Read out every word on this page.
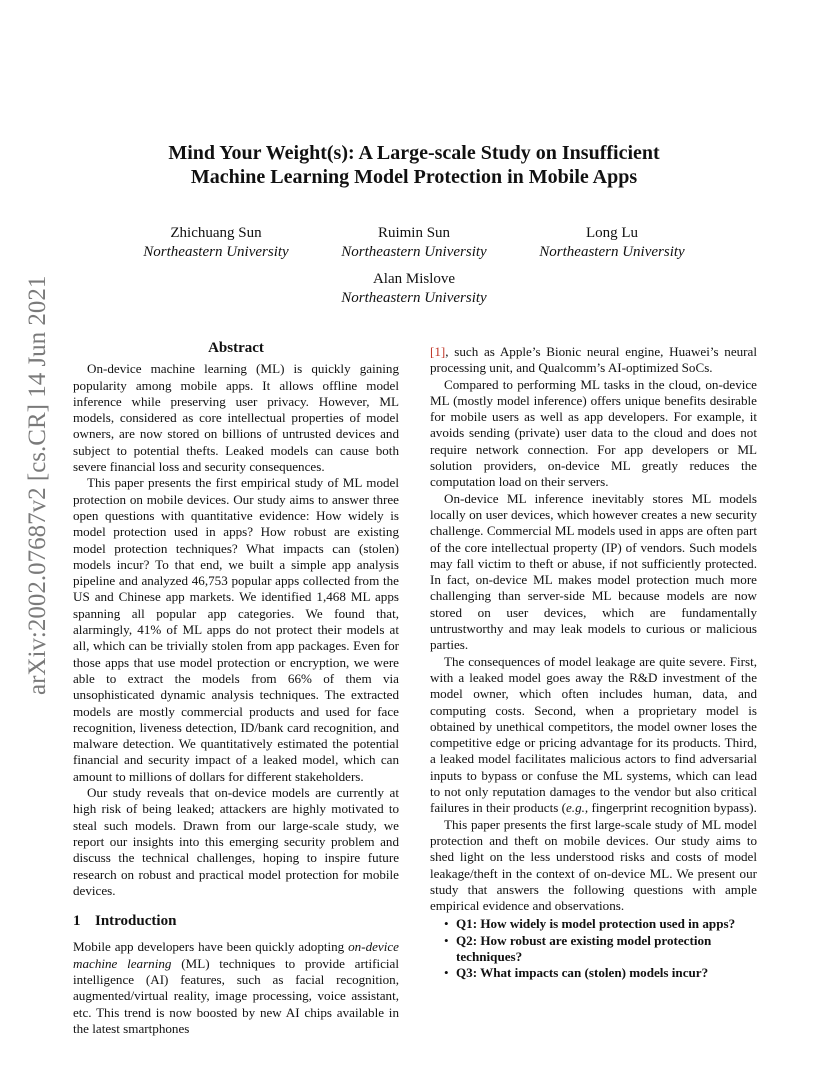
arXiv:2002.07687v2 [cs.CR] 14 Jun 2021
Mind Your Weight(s): A Large-scale Study on Insufficient
Machine Learning Model Protection in Mobile Apps
Zhichuang Sun
Northeastern University
Ruimin Sun
Northeastern University
Long Lu
Northeastern University
Alan Mislove
Northeastern University
Abstract

On-device machine learning (ML) is quickly gaining popularity among mobile apps. It allows offline model inference while preserving user privacy. However, ML models, considered as core intellectual properties of model owners, are now stored on billions of untrusted devices and subject to potential thefts. Leaked models can cause both severe financial loss and security consequences.

This paper presents the first empirical study of ML model protection on mobile devices. Our study aims to answer three open questions with quantitative evidence: How widely is model protection used in apps? How robust are existing model protection techniques? What impacts can (stolen) models incur? To that end, we built a simple app analysis pipeline and analyzed 46,753 popular apps collected from the US and Chinese app markets. We identified 1,468 ML apps spanning all popular app categories. We found that, alarmingly, 41% of ML apps do not protect their models at all, which can be trivially stolen from app packages. Even for those apps that use model protection or encryption, we were able to extract the models from 66% of them via unsophisticated dynamic analysis techniques. The extracted models are mostly commercial products and used for face recognition, liveness detection, ID/bank card recognition, and malware detection. We quantitatively estimated the potential financial and security impact of a leaked model, which can amount to millions of dollars for different stakeholders.

Our study reveals that on-device models are currently at high risk of being leaked; attackers are highly motivated to steal such models. Drawn from our large-scale study, we report our insights into this emerging security problem and discuss the technical challenges, hoping to inspire future research on robust and practical model protection for mobile devices.

1 Introduction

Mobile app developers have been quickly adopting on-device machine learning (ML) techniques to provide artificial intelligence (AI) features, such as facial recognition, augmented/virtual reality, image processing, voice assistant, etc. This trend is now boosted by new AI chips available in the latest smartphones

[1], such as Apple’s Bionic neural engine, Huawei’s neural processing unit, and Qualcomm’s AI-optimized SoCs.

Compared to performing ML tasks in the cloud, on-device ML (mostly model inference) offers unique benefits desirable for mobile users as well as app developers. For example, it avoids sending (private) user data to the cloud and does not require network connection. For app developers or ML solution providers, on-device ML greatly reduces the computation load on their servers.

On-device ML inference inevitably stores ML models locally on user devices, which however creates a new security challenge. Commercial ML models used in apps are often part of the core intellectual property (IP) of vendors. Such models may fall victim to theft or abuse, if not sufficiently protected. In fact, on-device ML makes model protection much more challenging than server-side ML because models are now stored on user devices, which are fundamentally untrustworthy and may leak models to curious or malicious parties.

The consequences of model leakage are quite severe. First, with a leaked model goes away the R&D investment of the model owner, which often includes human, data, and computing costs. Second, when a proprietary model is obtained by unethical competitors, the model owner loses the competitive edge or pricing advantage for its products. Third, a leaked model facilitates malicious actors to find adversarial inputs to bypass or confuse the ML systems, which can lead to not only reputation damages to the vendor but also critical failures in their products (e.g., fingerprint recognition bypass).

This paper presents the first large-scale study of ML model protection and theft on mobile devices. Our study aims to shed light on the less understood risks and costs of model leakage/theft in the context of on-device ML. We present our study that answers the following questions with ample empirical evidence and observations.

• Q1: How widely is model protection used in apps?
• Q2: How robust are existing model protection techniques?
• Q3: What impacts can (stolen) models incur?
